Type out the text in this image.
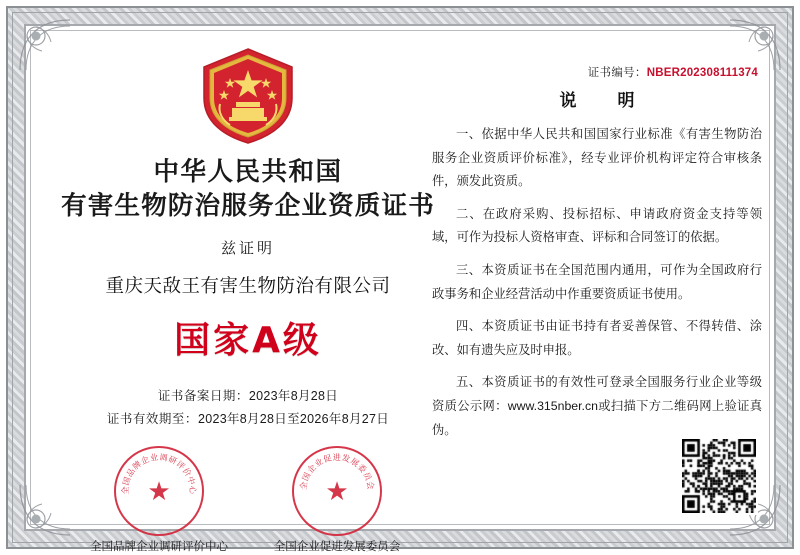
证书编号：NBER202308111374
中华人民共和国
有害生物防治服务企业资质证书
兹证明
重庆天敌王有害生物防治有限公司
国家A级
证书备案日期：2023年8月28日
证书有效期至：2023年8月28日至2026年8月27日
全国品牌企业调研评价中心
★
全国品牌企业调研评价中心
全国企业促进发展委员会
★
全国企业促进发展委员会
说　明
一、依据中华人民共和国国家行业标准《有害生物防治服务企业资质评价标准》，经专业评价机构评定符合审核条件，颁发此资质。
二、在政府采购、投标招标、申请政府资金支持等领域，可作为投标人资格审查、评标和合同签订的依据。
三、本资质证书在全国范围内通用，可作为全国政府行政事务和企业经营活动中作重要资质证书使用。
四、本资质证书由证书持有者妥善保管、不得转借、涂改、如有遗失应及时申报。
五、本资质证书的有效性可登录全国服务行业企业等级资质公示网：www.315nber.cn或扫描下方二维码网上验证真伪。
